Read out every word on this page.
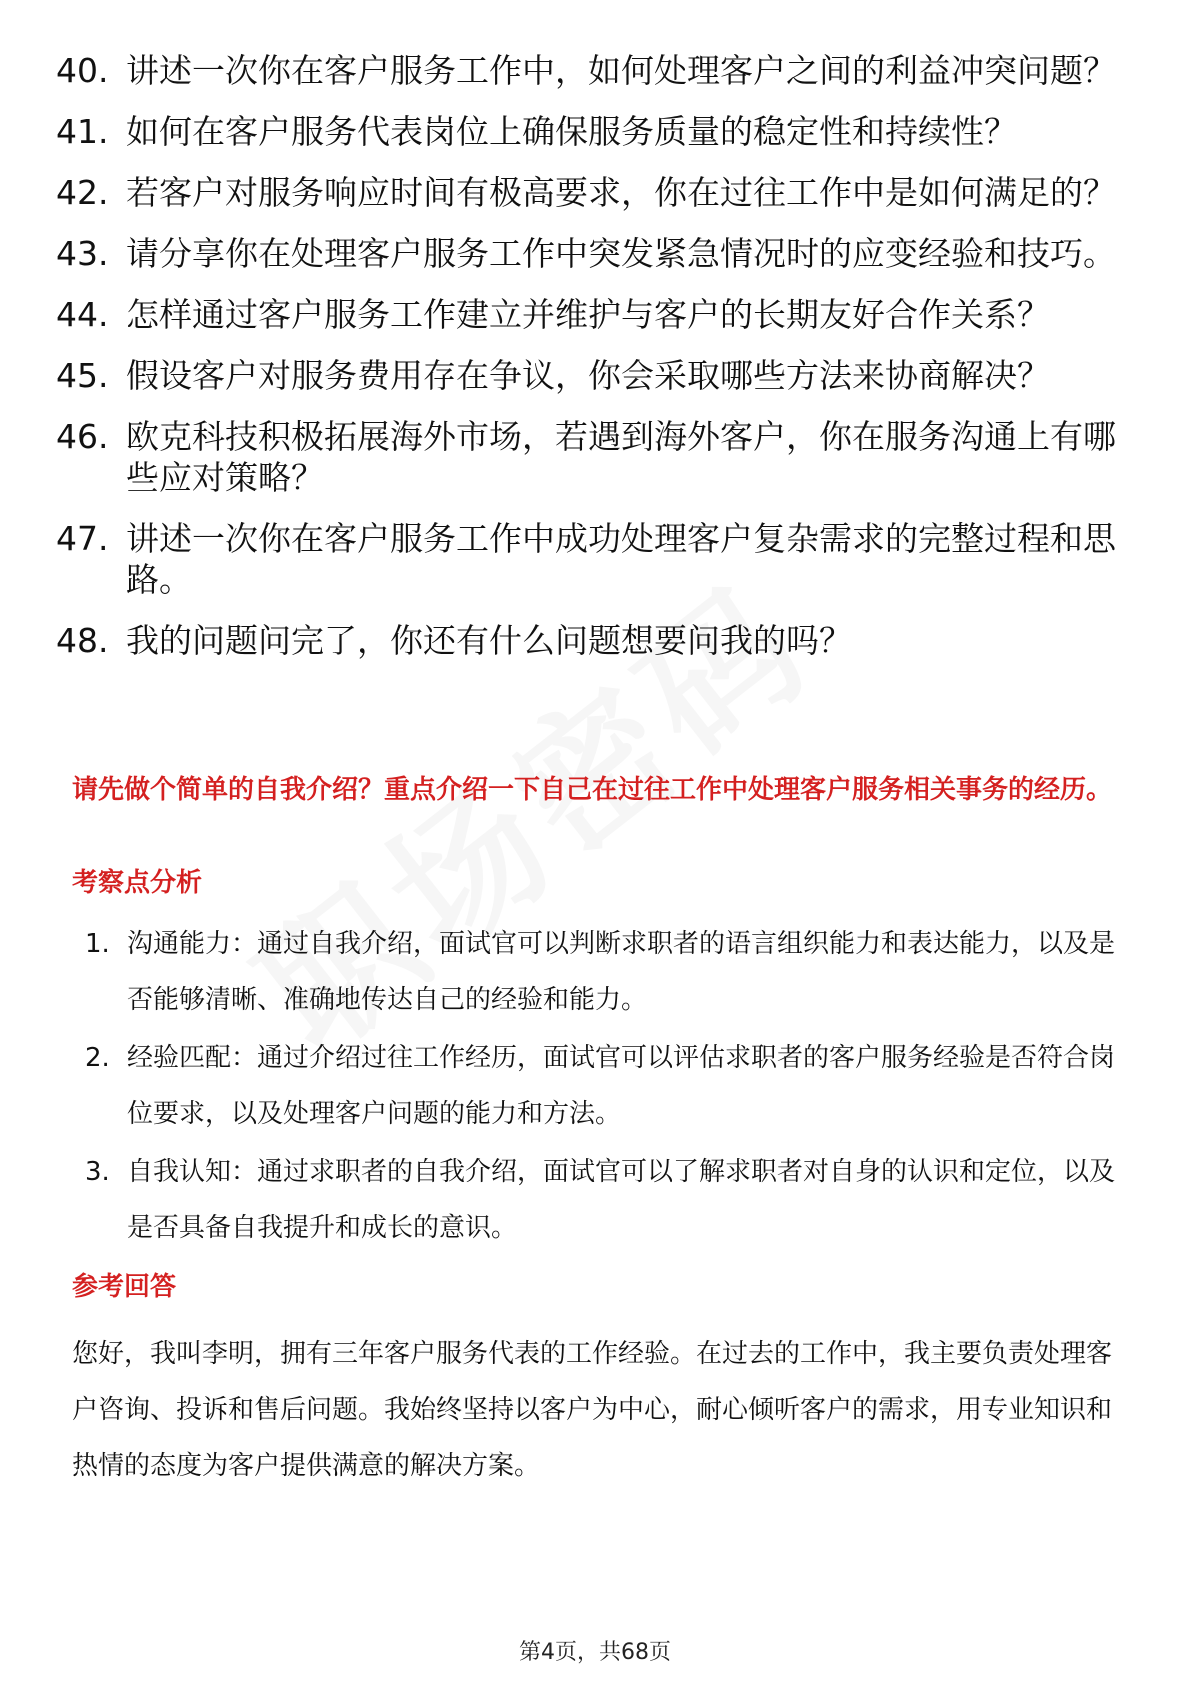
40. 讲述一次你在客户服务工作中，如何处理客户之间的利益冲突问题？
41. 如何在客户服务代表岗位上确保服务质量的稳定性和持续性？
42. 若客户对服务响应时间有极高要求，你在过往工作中是如何满足的？
43. 请分享你在处理客户服务工作中突发紧急情况时的应变经验和技巧。
44. 怎样通过客户服务工作建立并维护与客户的长期友好合作关系？
45. 假设客户对服务费用存在争议，你会采取哪些方法来协商解决？
46. 欧克科技积极拓展海外市场，若遇到海外客户，你在服务沟通上有哪些应对策略？
47. 讲述一次你在客户服务工作中成功处理客户复杂需求的完整过程和思路。
48. 我的问题问完了，你还有什么问题想要问我的吗？
请先做个简单的自我介绍？重点介绍一下自己在过往工作中处理客户服务相关事务的经历。
考察点分析
1. 沟通能力：通过自我介绍，面试官可以判断求职者的语言组织能力和表达能力，以及是否能够清晰、准确地传达自己的经验和能力。
2. 经验匹配：通过介绍过往工作经历，面试官可以评估求职者的客户服务经验是否符合岗位要求，以及处理客户问题的能力和方法。
3. 自我认知：通过求职者的自我介绍，面试官可以了解求职者对自身的认识和定位，以及是否具备自我提升和成长的意识。
参考回答
您好，我叫李明，拥有三年客户服务代表的工作经验。在过去的工作中，我主要负责处理客户咨询、投诉和售后问题。我始终坚持以客户为中心，耐心倾听客户的需求，用专业知识和热情的态度为客户提供满意的解决方案。
第4页，共68页
